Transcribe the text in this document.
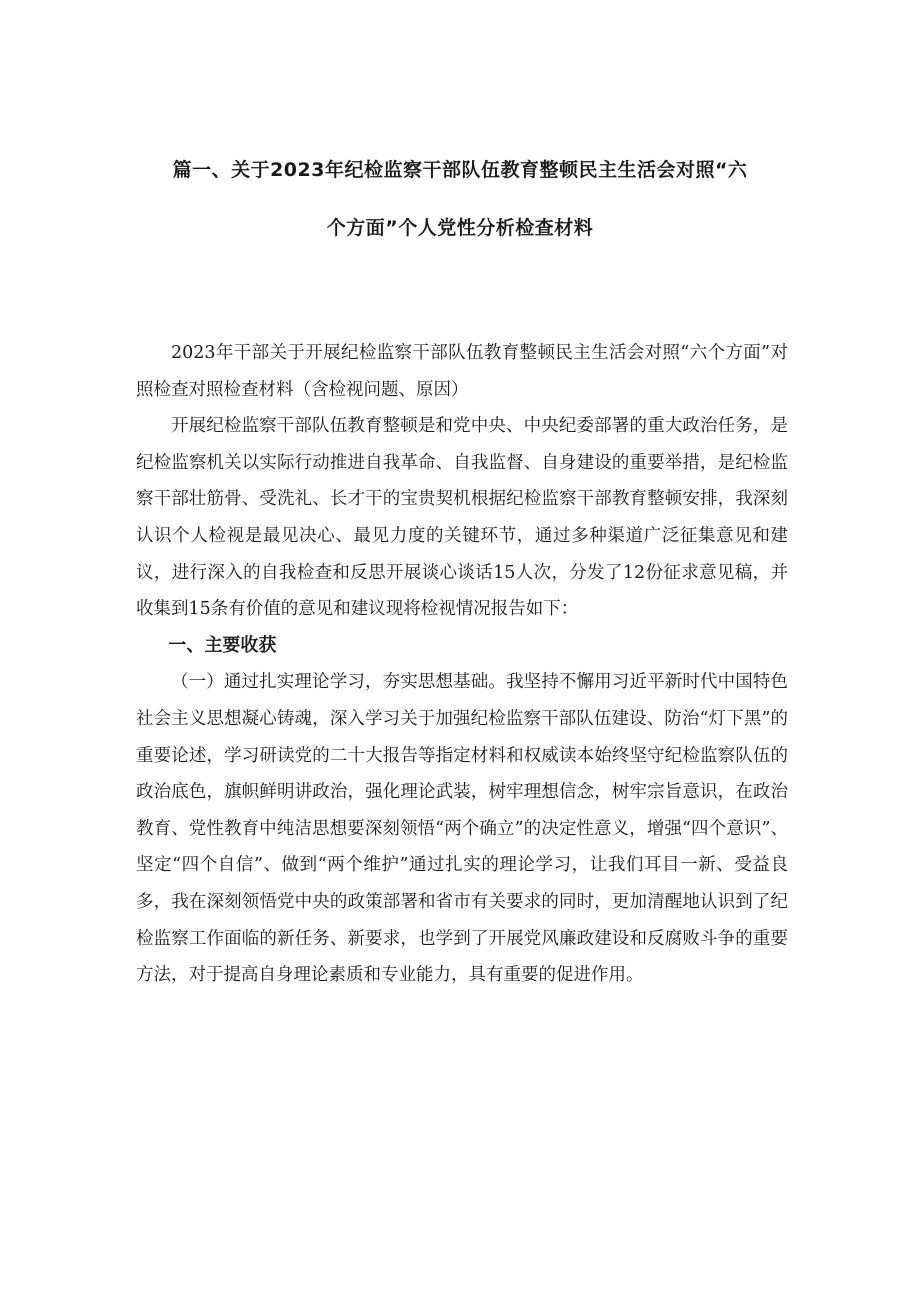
篇一、关于2023年纪检监察干部队伍教育整顿民主生活会对照“六
个方面”个人党性分析检查材料

2023年干部关于开展纪检监察干部队伍教育整顿民主生活会对照“六个方面”对照检查对照检查材料（含检视问题、原因）

开展纪检监察干部队伍教育整顿是和党中央、中央纪委部署的重大政治任务，是纪检监察机关以实际行动推进自我革命、自我监督、自身建设的重要举措，是纪检监察干部壮筋骨、受洗礼、长才干的宝贵契机根据纪检监察干部教育整顿安排，我深刻认识个人检视是最见决心、最见力度的关键环节，通过多种渠道广泛征集意见和建议，进行深入的自我检查和反思开展谈心谈话15人次，分发了12份征求意见稿，并收集到15条有价值的意见和建议现将检视情况报告如下：

一、主要收获

（一）通过扎实理论学习，夯实思想基础。我坚持不懈用习近平新时代中国特色社会主义思想凝心铸魂，深入学习关于加强纪检监察干部队伍建设、防治“灯下黑”的重要论述，学习研读党的二十大报告等指定材料和权威读本始终坚守纪检监察队伍的政治底色，旗帜鲜明讲政治，强化理论武装，树牢理想信念，树牢宗旨意识，在政治教育、党性教育中纯洁思想要深刻领悟“两个确立”的决定性意义，增强“四个意识”、坚定“四个自信”、做到“两个维护”通过扎实的理论学习，让我们耳目一新、受益良多，我在深刻领悟党中央的政策部署和省市有关要求的同时，更加清醒地认识到了纪检监察工作面临的新任务、新要求，也学到了开展党风廉政建设和反腐败斗争的重要方法，对于提高自身理论素质和专业能力，具有重要的促进作用。
